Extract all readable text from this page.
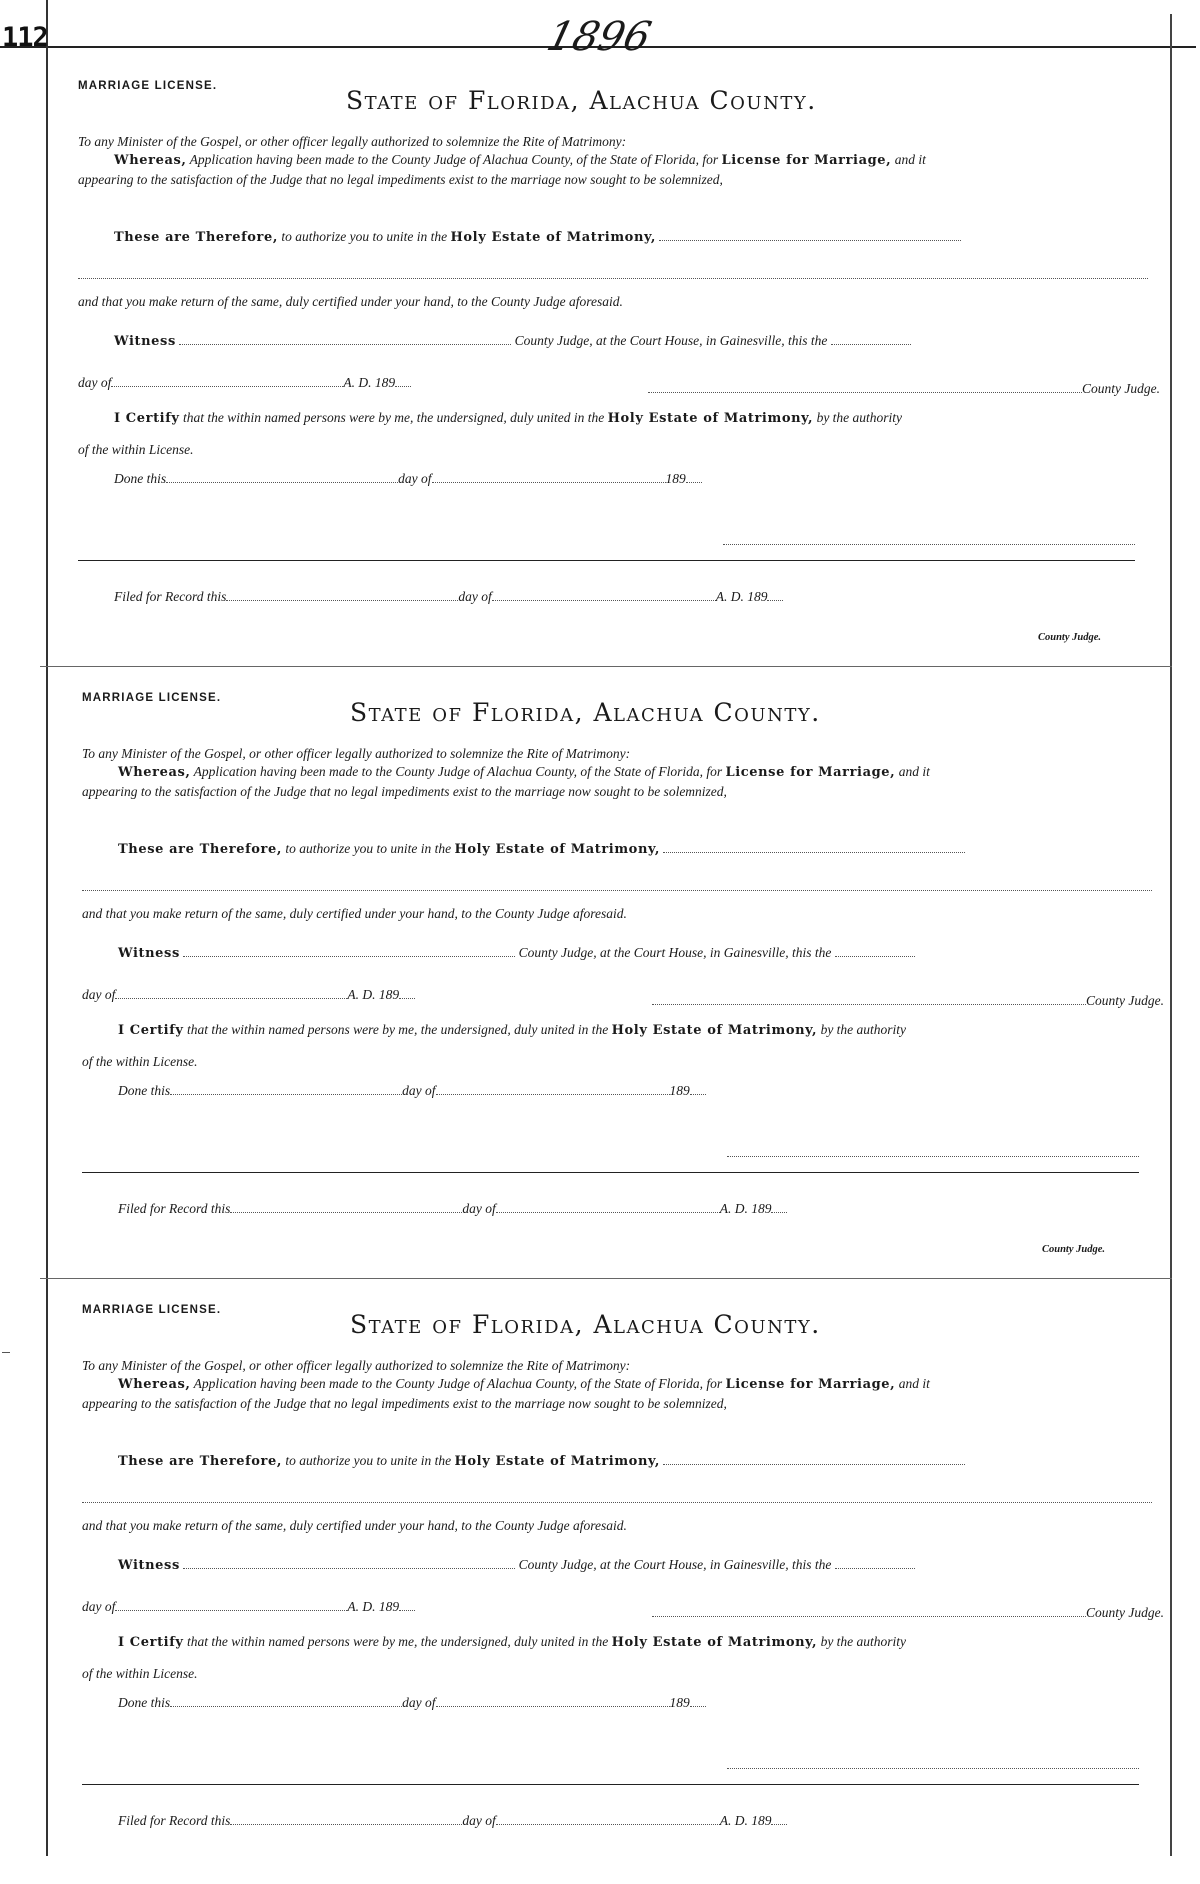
112	1896
MARRIAGE LICENSE.	State of Florida, Alachua County.
To any Minister of the Gospel, or other officer legally authorized to solemnize the Rite of Matrimony:
Whereas, Application having been made to the County Judge of Alachua County, of the State of Florida, for License for Marriage, and it
appearing to the satisfaction of the Judge that no legal impediments exist to the marriage now sought to be solemnized,
These are Therefore, to authorize you to unite in the Holy Estate of Matrimony,
and that you make return of the same, duly certified under your hand, to the County Judge aforesaid.
Witness	County Judge, at the Court House, in Gainesville, this the
day of	A. D. 189	County Judge.
I Certify that the within named persons were by me, the undersigned, duly united in the Holy Estate of Matrimony, by the authority
of the within License.
Done this	day of	189
Filed for Record this	day of	A. D. 189
County Judge.
MARRIAGE LICENSE.	State of Florida, Alachua County.
To any Minister of the Gospel, or other officer legally authorized to solemnize the Rite of Matrimony:
Whereas, Application having been made to the County Judge of Alachua County, of the State of Florida, for License for Marriage, and it
appearing to the satisfaction of the Judge that no legal impediments exist to the marriage now sought to be solemnized,
These are Therefore, to authorize you to unite in the Holy Estate of Matrimony,
and that you make return of the same, duly certified under your hand, to the County Judge aforesaid.
Witness	County Judge, at the Court House, in Gainesville, this the
day of	A. D. 189	County Judge.
I Certify that the within named persons were by me, the undersigned, duly united in the Holy Estate of Matrimony, by the authority
of the within License.
Done this	day of	189
Filed for Record this	day of	A. D. 189
County Judge.
MARRIAGE LICENSE.	State of Florida, Alachua County.
To any Minister of the Gospel, or other officer legally authorized to solemnize the Rite of Matrimony:
Whereas, Application having been made to the County Judge of Alachua County, of the State of Florida, for License for Marriage, and it
appearing to the satisfaction of the Judge that no legal impediments exist to the marriage now sought to be solemnized,
These are Therefore, to authorize you to unite in the Holy Estate of Matrimony,
and that you make return of the same, duly certified under your hand, to the County Judge aforesaid.
Witness	County Judge, at the Court House, in Gainesville, this the
day of	A. D. 189	County Judge.
I Certify that the within named persons were by me, the undersigned, duly united in the Holy Estate of Matrimony, by the authority
of the within License.
Done this	day of	189
Filed for Record this	day of	A. D. 189
